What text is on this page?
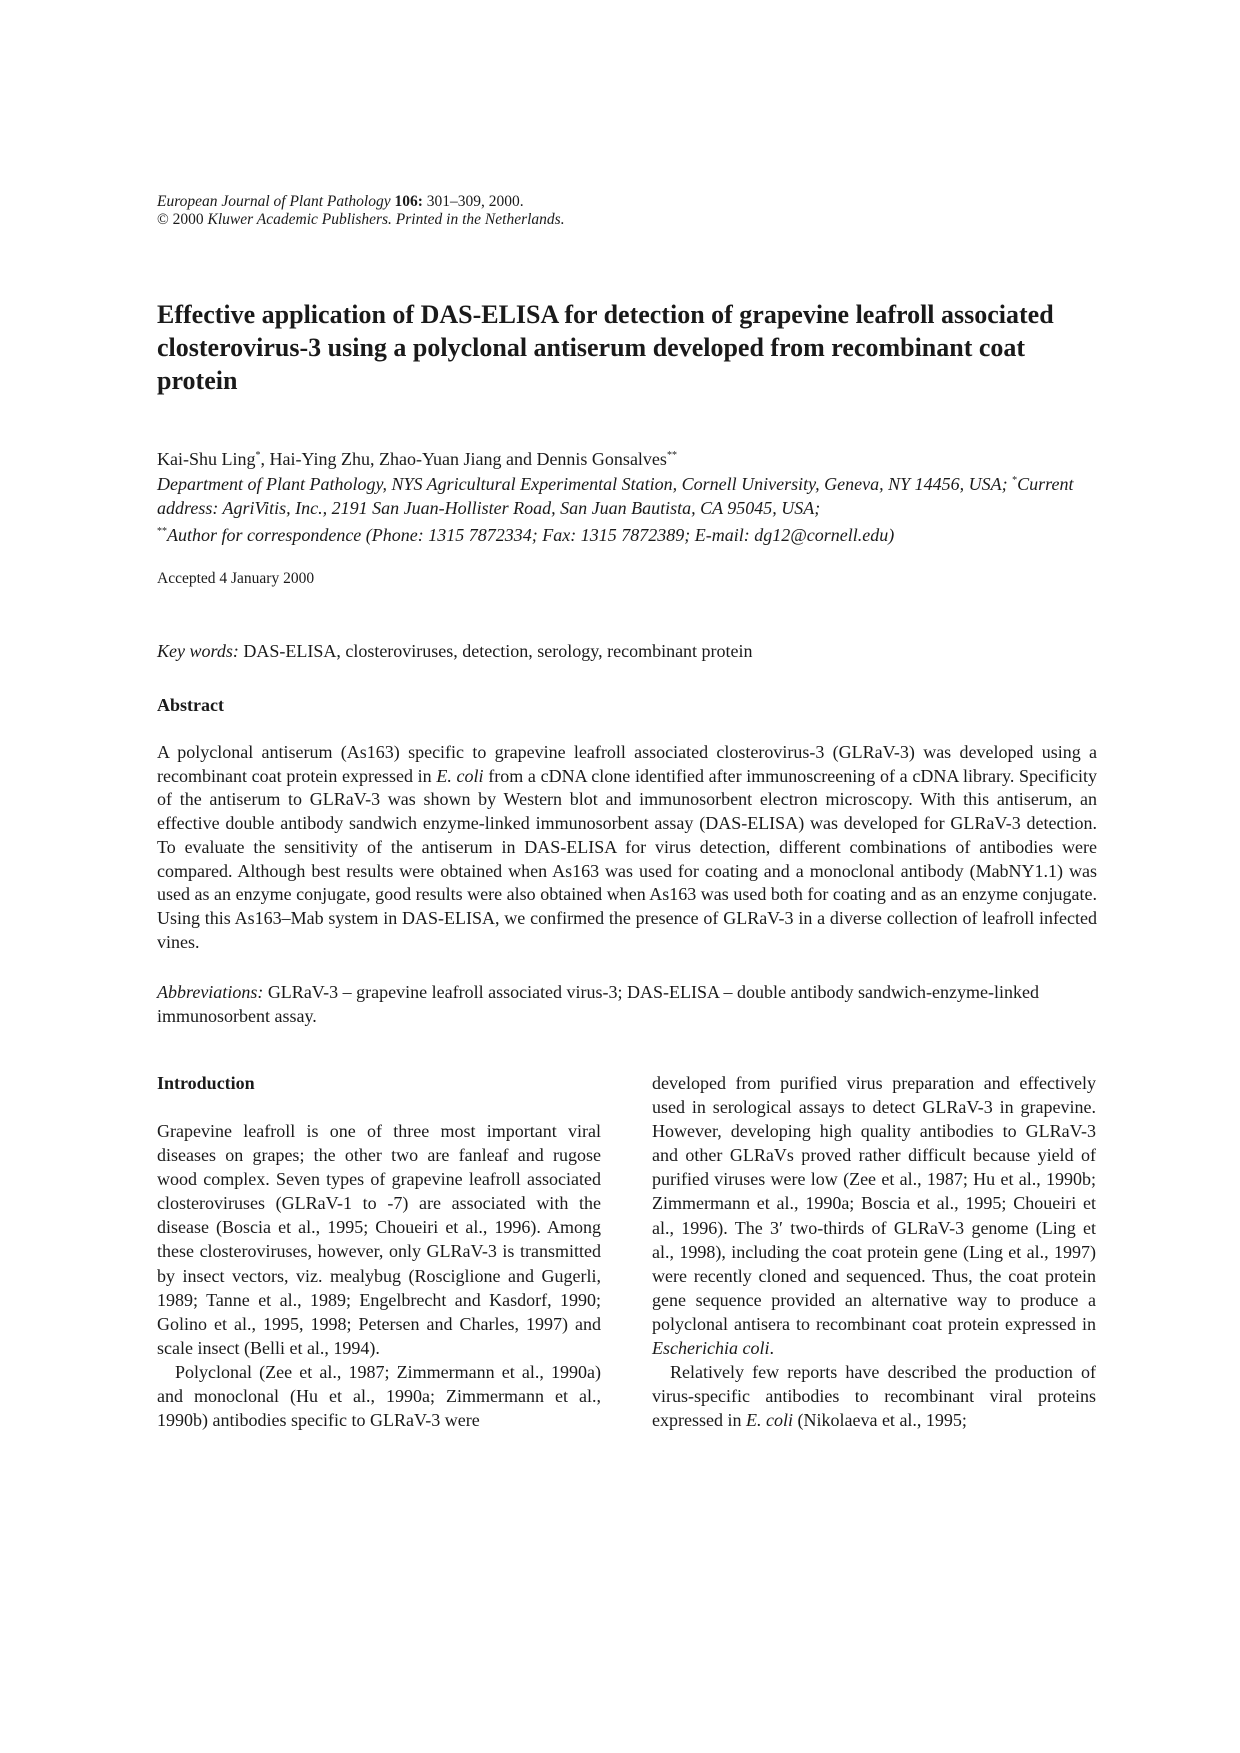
European Journal of Plant Pathology 106: 301–309, 2000.
© 2000 Kluwer Academic Publishers. Printed in the Netherlands.
Effective application of DAS-ELISA for detection of grapevine leafroll associated closterovirus-3 using a polyclonal antiserum developed from recombinant coat protein
Kai-Shu Ling*, Hai-Ying Zhu, Zhao-Yuan Jiang and Dennis Gonsalves**
Department of Plant Pathology, NYS Agricultural Experimental Station, Cornell University, Geneva, NY 14456, USA; *Current address: AgriVitis, Inc., 2191 San Juan-Hollister Road, San Juan Bautista, CA 95045, USA;
**Author for correspondence (Phone: 1315 7872334; Fax: 1315 7872389; E-mail: dg12@cornell.edu)
Accepted 4 January 2000
Key words: DAS-ELISA, closteroviruses, detection, serology, recombinant protein
Abstract

A polyclonal antiserum (As163) specific to grapevine leafroll associated closterovirus-3 (GLRaV-3) was developed using a recombinant coat protein expressed in E. coli from a cDNA clone identified after immunoscreening of a cDNA library. Specificity of the antiserum to GLRaV-3 was shown by Western blot and immunosorbent electron microscopy. With this antiserum, an effective double antibody sandwich enzyme-linked immunosorbent assay (DAS-ELISA) was developed for GLRaV-3 detection. To evaluate the sensitivity of the antiserum in DAS-ELISA for virus detection, different combinations of antibodies were compared. Although best results were obtained when As163 was used for coating and a monoclonal antibody (MabNY1.1) was used as an enzyme conjugate, good results were also obtained when As163 was used both for coating and as an enzyme conjugate. Using this As163–Mab system in DAS-ELISA, we confirmed the presence of GLRaV-3 in a diverse collection of leafroll infected vines.

Abbreviations: GLRaV-3 – grapevine leafroll associated virus-3; DAS-ELISA – double antibody sandwich-enzyme-linked immunosorbent assay.

Introduction

Grapevine leafroll is one of three most important viral diseases on grapes; the other two are fanleaf and rugose wood complex. Seven types of grapevine leafroll associated closteroviruses (GLRaV-1 to -7) are associated with the disease (Boscia et al., 1995; Choueiri et al., 1996). Among these closteroviruses, however, only GLRaV-3 is transmitted by insect vectors, viz. mealybug (Rosciglione and Gugerli, 1989; Tanne et al., 1989; Engelbrecht and Kasdorf, 1990; Golino et al., 1995, 1998; Petersen and Charles, 1997) and scale insect (Belli et al., 1994).

Polyclonal (Zee et al., 1987; Zimmermann et al., 1990a) and monoclonal (Hu et al., 1990a; Zimmermann et al., 1990b) antibodies specific to GLRaV-3 were

developed from purified virus preparation and effectively used in serological assays to detect GLRaV-3 in grapevine. However, developing high quality antibodies to GLRaV-3 and other GLRaVs proved rather difficult because yield of purified viruses were low (Zee et al., 1987; Hu et al., 1990b; Zimmermann et al., 1990a; Boscia et al., 1995; Choueiri et al., 1996). The 3′ two-thirds of GLRaV-3 genome (Ling et al., 1998), including the coat protein gene (Ling et al., 1997) were recently cloned and sequenced. Thus, the coat protein gene sequence provided an alternative way to produce a polyclonal antisera to recombinant coat protein expressed in Escherichia coli.

Relatively few reports have described the production of virus-specific antibodies to recombinant viral proteins expressed in E. coli (Nikolaeva et al., 1995;
